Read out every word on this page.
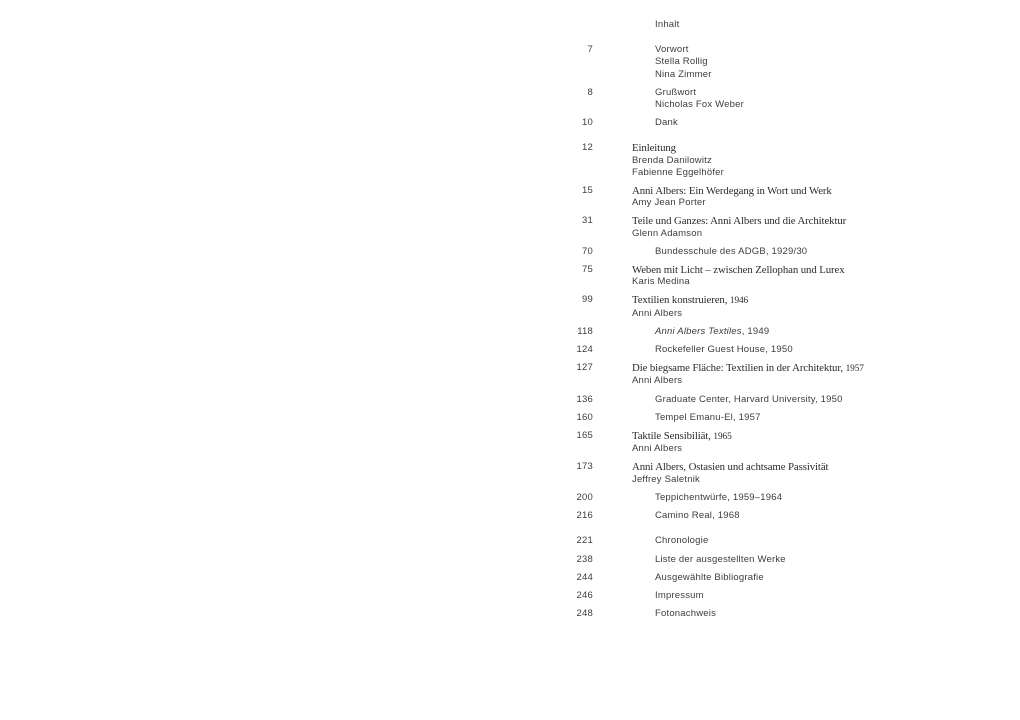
Inhalt
7	Vorwort
Stella Rollig
Nina Zimmer
8	Grußwort
Nicholas Fox Weber
10	Dank
12	Einleitung
Brenda Danilowitz
Fabienne Eggelhöfer
15	Anni Albers: Ein Werdegang in Wort und Werk
Amy Jean Porter
31	Teile und Ganzes: Anni Albers und die Architektur
Glenn Adamson
70	Bundesschule des ADGB, 1929/30
75	Weben mit Licht – zwischen Zellophan und Lurex
Karis Medina
99	Textilien konstruieren, 1946
Anni Albers
118	Anni Albers Textiles, 1949
124	Rockefeller Guest House, 1950
127	Die biegsame Fläche: Textilien in der Architektur, 1957
Anni Albers
136	Graduate Center, Harvard University, 1950
160	Tempel Emanu-El, 1957
165	Taktile Sensibiliät, 1965
Anni Albers
173	Anni Albers, Ostasien und achtsame Passivität
Jeffrey Saletnik
200	Teppichentwürfe, 1959–1964
216	Camino Real, 1968
221	Chronologie
238	Liste der ausgestellten Werke
244	Ausgewählte Bibliografie
246	Impressum
248	Fotonachweis
